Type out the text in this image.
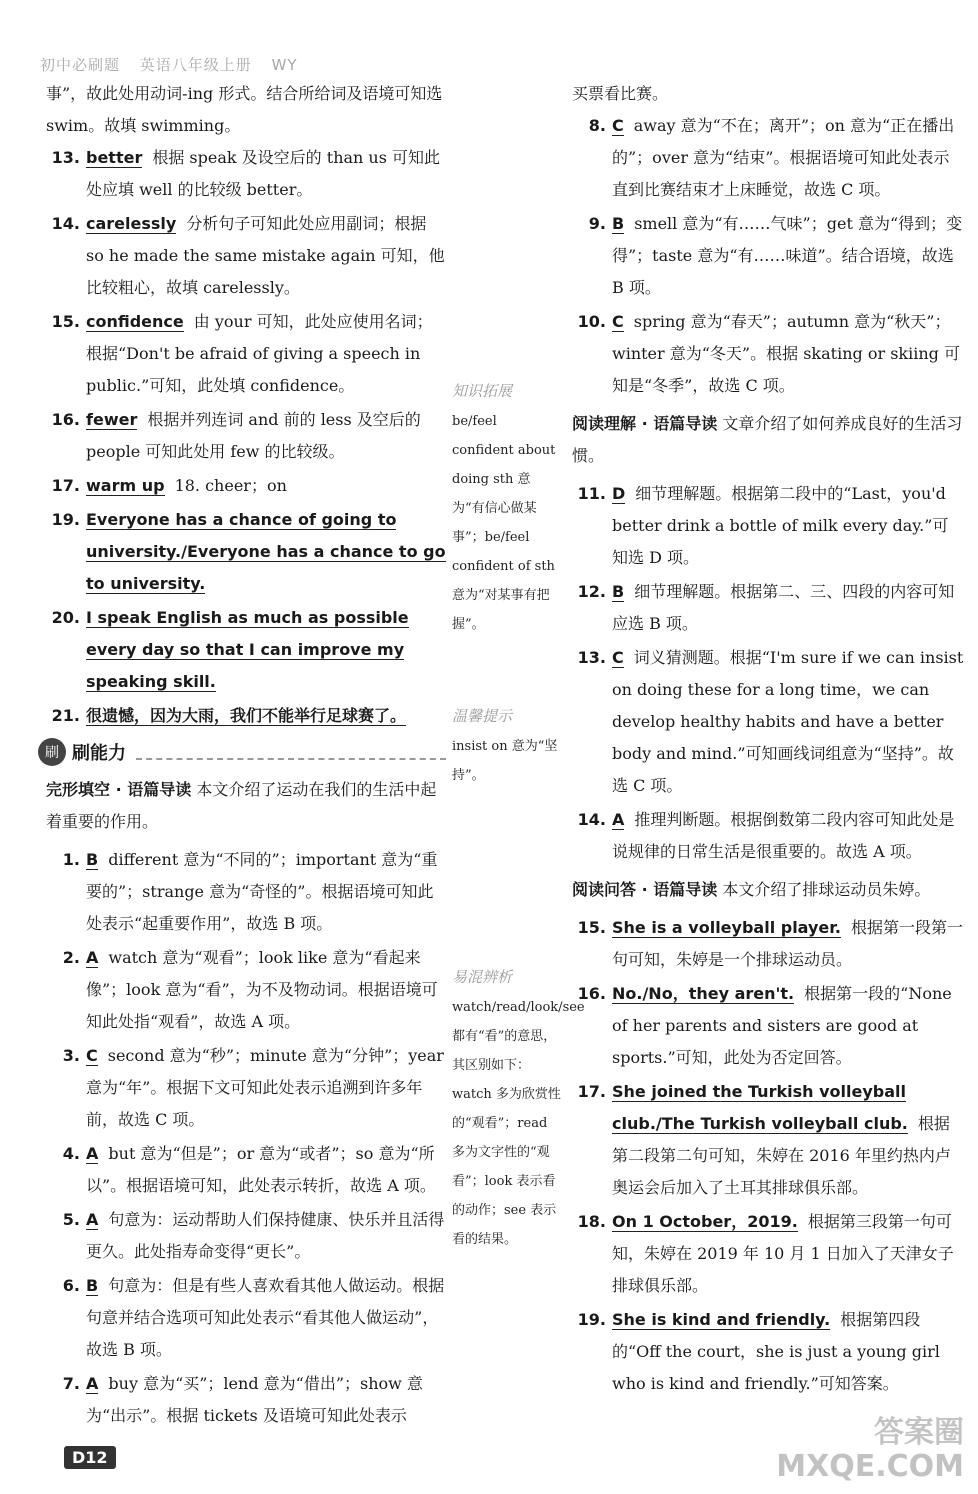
初中必刷题 英语八年级上册 WY
事”，故此处用动词-ing 形式。结合所给词及语境可知选 swim。故填 swimming。
13. better 根据 speak 及设空后的 than us 可知此处应填 well 的比较级 better。
14. carelessly 分析句子可知此处应用副词；根据 so he made the same mistake again 可知，他比较粗心，故填 carelessly。
15. confidence 由 your 可知，此处应使用名词；根据“Don't be afraid of giving a speech in public.”可知，此处填 confidence。
16. fewer 根据并列连词 and 前的 less 及空后的 people 可知此处用 few 的比较级。
17. warm up 18. cheer；on
19. Everyone has a chance of going to university./Everyone has a chance to go to university.
20. I speak English as much as possible every day so that I can improve my speaking skill.
21. 很遗憾，因为大雨，我们不能举行足球赛了。
刷 刷能力
完形填空 · 语篇导读 本文介绍了运动在我们的生活中起着重要的作用。
1. B different 意为“不同的”；important 意为“重要的”；strange 意为“奇怪的”。根据语境可知此处表示“起重要作用”，故选 B 项。
2. A watch 意为“观看”；look like 意为“看起来像”；look 意为“看”，为不及物动词。根据语境可知此处指“观看”，故选 A 项。
3. C second 意为“秒”；minute 意为“分钟”；year 意为“年”。根据下文可知此处表示追溯到许多年前，故选 C 项。
4. A but 意为“但是”；or 意为“或者”；so 意为“所以”。根据语境可知，此处表示转折，故选 A 项。
5. A 句意为：运动帮助人们保持健康、快乐并且活得更久。此处指寿命变得“更长”。
6. B 句意为：但是有些人喜欢看其他人做运动。根据句意并结合选项可知此处表示“看其他人做运动”，故选 B 项。
7. A buy 意为“买”；lend 意为“借出”；show 意为“出示”。根据 tickets 及语境可知此处表示
知识拓展
be/feel confident about doing sth 意为“有信心做某事”；be/feel confident of sth 意为“对某事有把握”。
温馨提示
insist on 意为“坚持”。
易混辨析
watch/read/look/see 都有“看”的意思，其区别如下：watch 多为欣赏性的“观看”；read 多为文字性的“观看”；look 表示看的动作；see 表示看的结果。
买票看比赛。
8. C away 意为“不在；离开”；on 意为“正在播出的”；over 意为“结束”。根据语境可知此处表示直到比赛结束才上床睡觉，故选 C 项。
9. B smell 意为“有……气味”；get 意为“得到；变得”；taste 意为“有……味道”。结合语境，故选 B 项。
10. C spring 意为“春天”；autumn 意为“秋天”；winter 意为“冬天”。根据 skating or skiing 可知是“冬季”，故选 C 项。
阅读理解 · 语篇导读 文章介绍了如何养成良好的生活习惯。
11. D 细节理解题。根据第二段中的“Last，you'd better drink a bottle of milk every day.”可知选 D 项。
12. B 细节理解题。根据第二、三、四段的内容可知应选 B 项。
13. C 词义猜测题。根据“I'm sure if we can insist on doing these for a long time，we can develop healthy habits and have a better body and mind.”可知画线词组意为“坚持”。故选 C 项。
14. A 推理判断题。根据倒数第二段内容可知此处是说规律的日常生活是很重要的。故选 A 项。
阅读问答 · 语篇导读 本文介绍了排球运动员朱婷。
15. She is a volleyball player. 根据第一段第一句可知，朱婷是一个排球运动员。
16. No./No，they aren't. 根据第一段的“None of her parents and sisters are good at sports.”可知，此处为否定回答。
17. She joined the Turkish volleyball club./The Turkish volleyball club. 根据第二段第二句可知，朱婷在 2016 年里约热内卢奥运会后加入了土耳其排球俱乐部。
18. On 1 October，2019. 根据第三段第一句可知，朱婷在 2019 年 10 月 1 日加入了天津女子排球俱乐部。
19. She is kind and friendly. 根据第四段的“Off the court，she is just a young girl who is kind and friendly.”可知答案。
D12
答案圈
MXQE.COM
